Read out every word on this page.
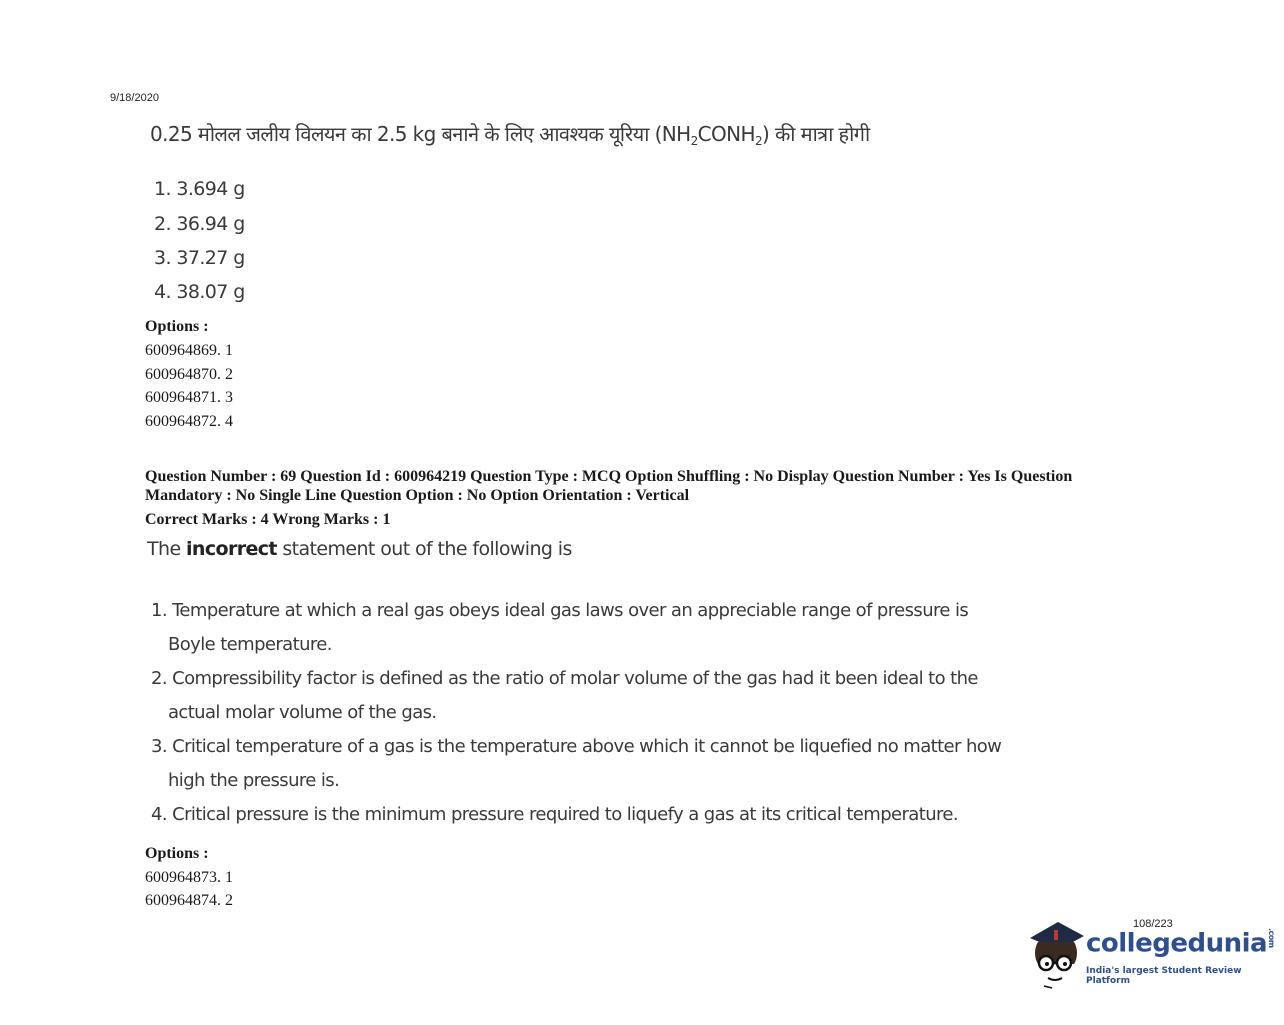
9/18/2020
0.25 मोलल जलीय विलयन का 2.5 kg बनाने के लिए आवश्यक यूरिया $(NH_2CONH_2)$ की मात्रा होगी
1. 3.694 g
2. 36.94 g
3. 37.27 g
4. 38.07 g
Options :
600964869. 1
600964870. 2
600964871. 3
600964872. 4
Question Number : 69 Question Id : 600964219 Question Type : MCQ Option Shuffling : No Display Question Number : Yes Is Question
Mandatory : No Single Line Question Option : No Option Orientation : Vertical
Correct Marks : 4 Wrong Marks : 1
The incorrect statement out of the following is
1. Temperature at which a real gas obeys ideal gas laws over an appreciable range of pressure is
Boyle temperature.
2. Compressibility factor is defined as the ratio of molar volume of the gas had it been ideal to the
actual molar volume of the gas.
3. Critical temperature of a gas is the temperature above which it cannot be liquefied no matter how
high the pressure is.
4. Critical pressure is the minimum pressure required to liquefy a gas at its critical temperature.
Options :
600964873. 1
600964874. 2
108/223
collegedunia.com
India's largest Student Review Platform
